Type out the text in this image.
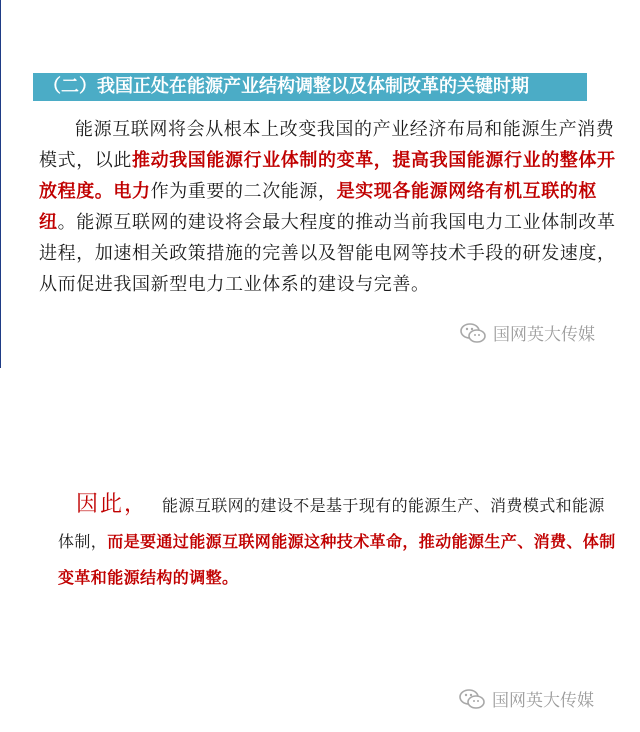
（二）我国正处在能源产业结构调整以及体制改革的关键时期
能源互联网将会从根本上改变我国的产业经济布局和能源生产消费模式，以此推动我国能源行业体制的变革，提高我国能源行业的整体开放程度。电力作为重要的二次能源，是实现各能源网络有机互联的枢纽。能源互联网的建设将会最大程度的推动当前我国电力工业体制改革进程，加速相关政策措施的完善以及智能电网等技术手段的研发速度，从而促进我国新型电力工业体系的建设与完善。
国网英大传媒
因此， 能源互联网的建设不是基于现有的能源生产、消费模式和能源体制，而是要通过能源互联网能源这种技术革命，推动能源生产、消费、体制变革和能源结构的调整。
国网英大传媒
